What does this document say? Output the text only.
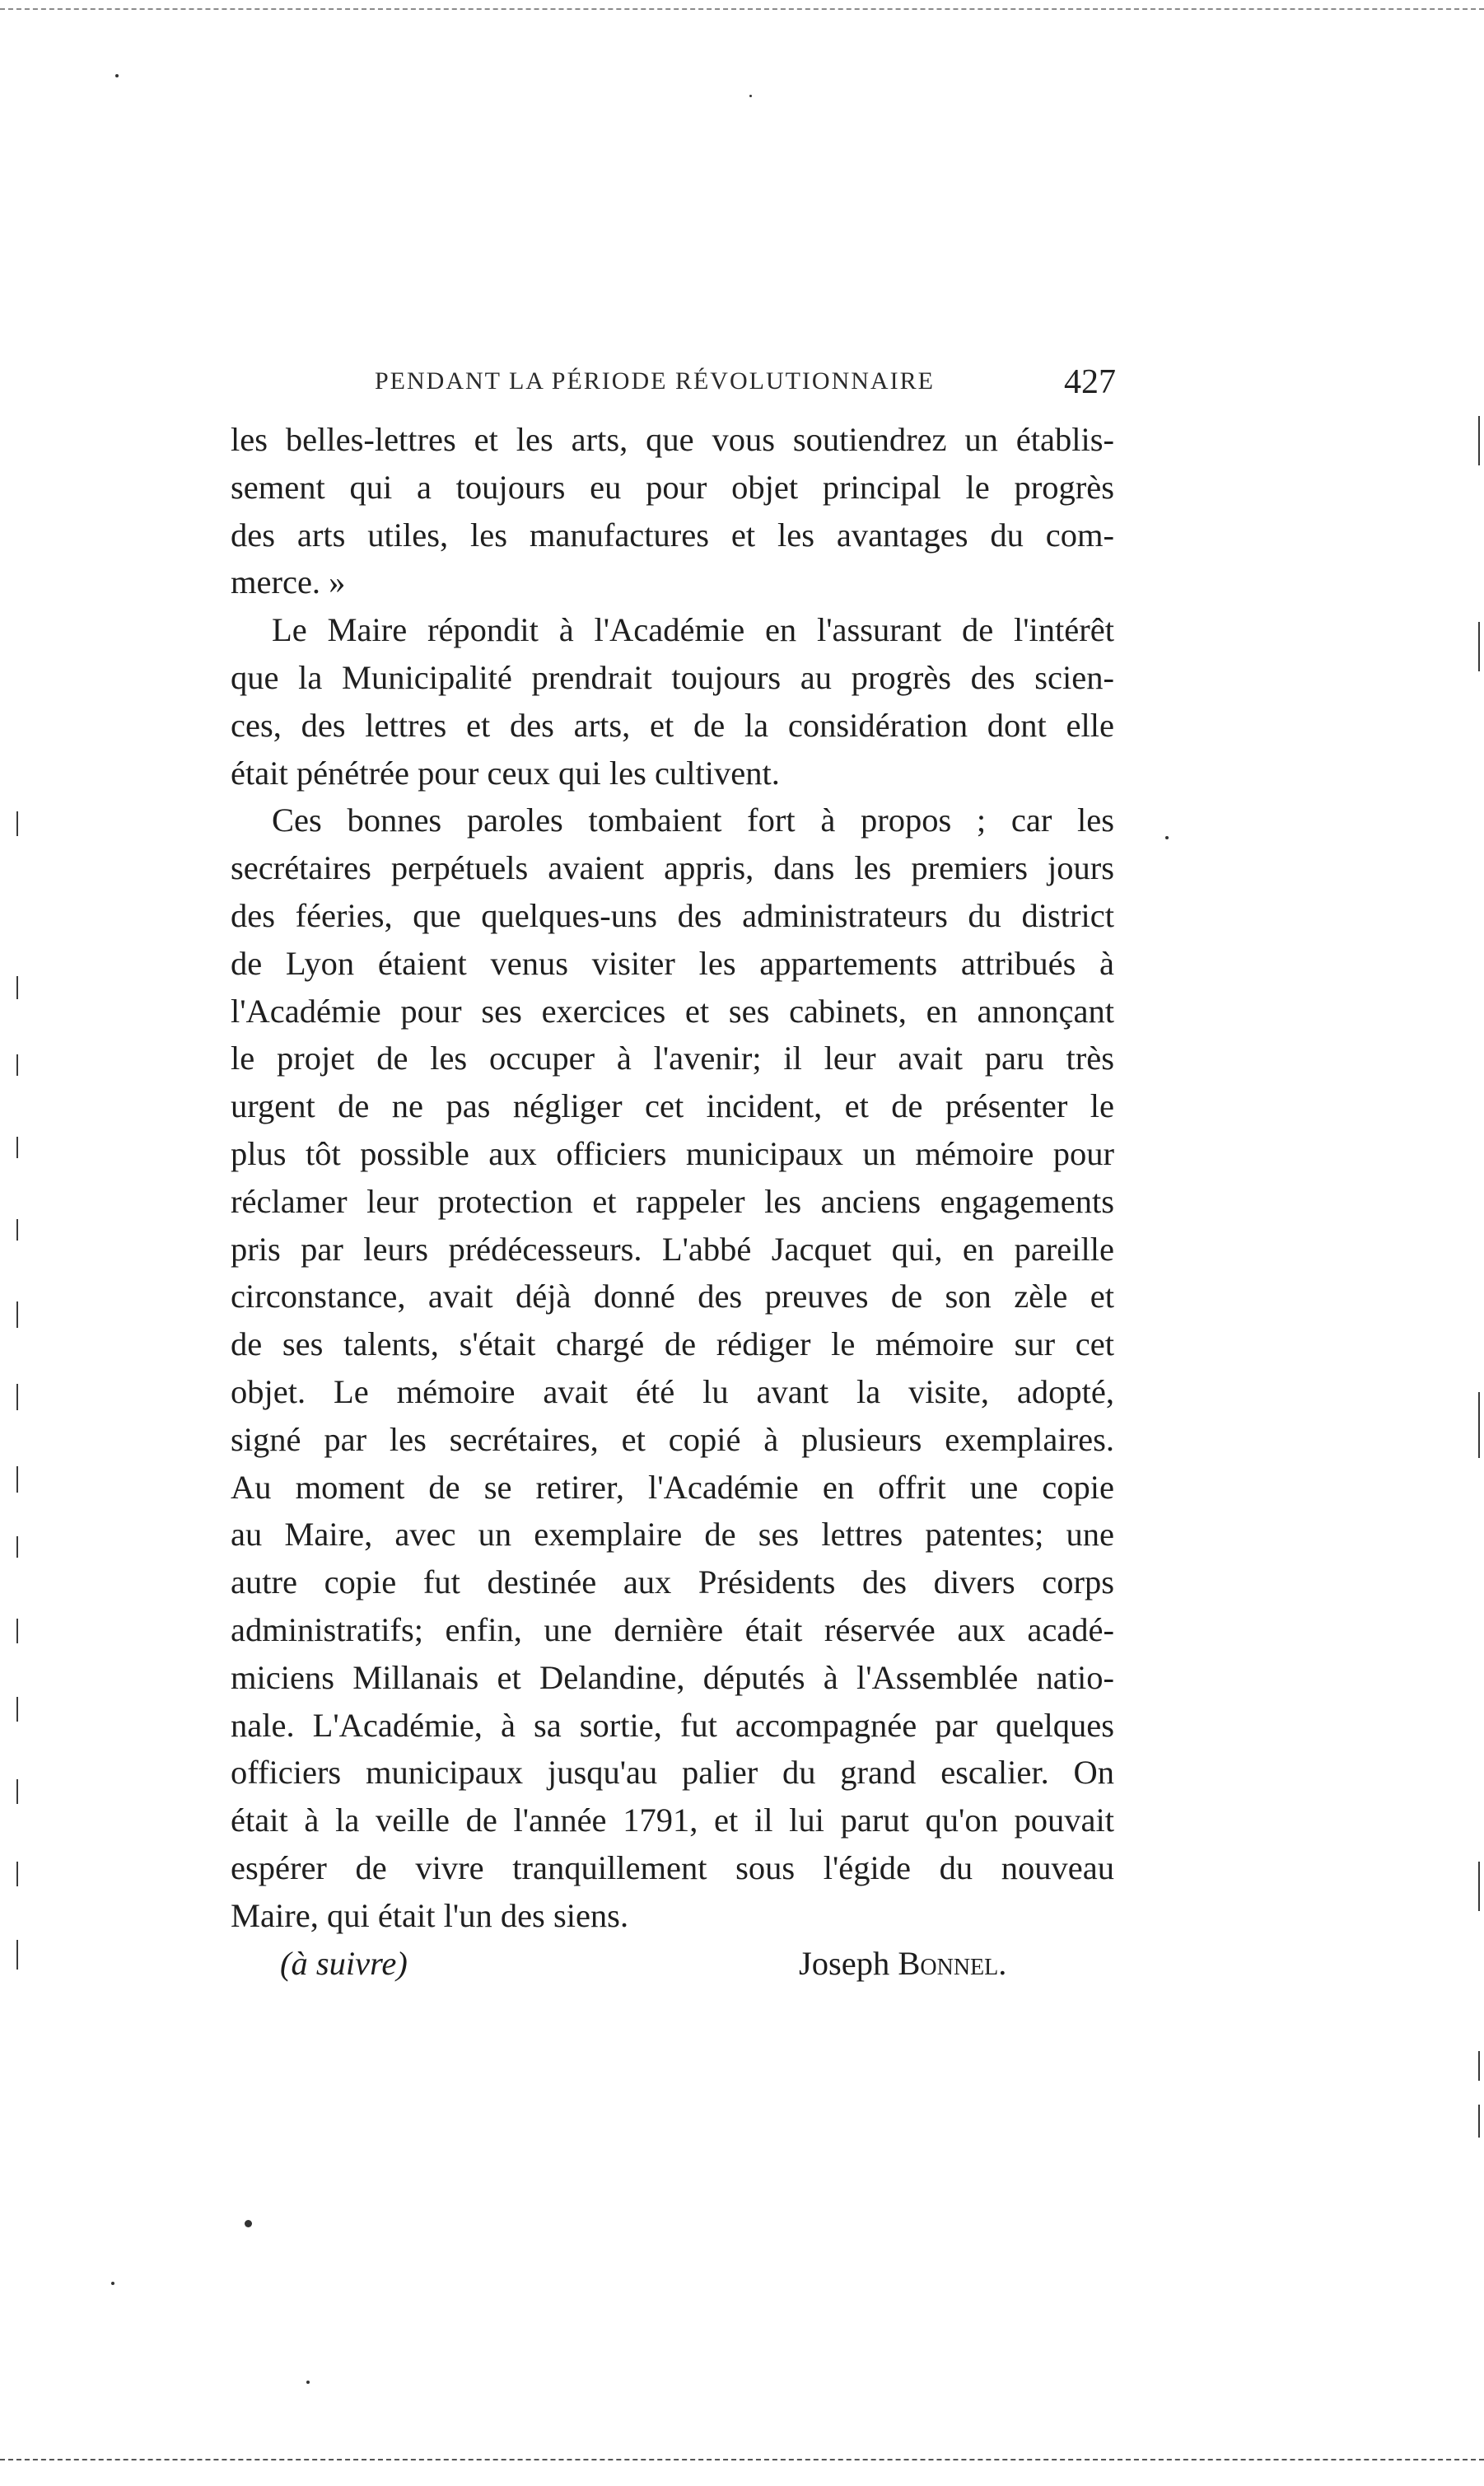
PENDANT LA PÉRIODE RÉVOLUTIONNAIRE	427
les belles-lettres et les arts, que vous soutiendrez un établis-
sement qui a toujours eu pour objet principal le progrès
des arts utiles, les manufactures et les avantages du com-
merce. »
Le Maire répondit à l'Académie en l'assurant de l'intérêt
que la Municipalité prendrait toujours au progrès des scien-
ces, des lettres et des arts, et de la considération dont elle
était pénétrée pour ceux qui les cultivent.
Ces bonnes paroles tombaient fort à propos ; car les
secrétaires perpétuels avaient appris, dans les premiers jours
des féeries, que quelques-uns des administrateurs du district
de Lyon étaient venus visiter les appartements attribués à
l'Académie pour ses exercices et ses cabinets, en annonçant
le projet de les occuper à l'avenir; il leur avait paru très
urgent de ne pas négliger cet incident, et de présenter le
plus tôt possible aux officiers municipaux un mémoire pour
réclamer leur protection et rappeler les anciens engagements
pris par leurs prédécesseurs. L'abbé Jacquet qui, en pareille
circonstance, avait déjà donné des preuves de son zèle et
de ses talents, s'était chargé de rédiger le mémoire sur cet
objet. Le mémoire avait été lu avant la visite, adopté,
signé par les secrétaires, et copié à plusieurs exemplaires.
Au moment de se retirer, l'Académie en offrit une copie
au Maire, avec un exemplaire de ses lettres patentes; une
autre copie fut destinée aux Présidents des divers corps
administratifs; enfin, une dernière était réservée aux acadé-
miciens Millanais et Delandine, députés à l'Assemblée natio-
nale. L'Académie, à sa sortie, fut accompagnée par quelques
officiers municipaux jusqu'au palier du grand escalier. On
était à la veille de l'année 1791, et il lui parut qu'on pouvait
espérer de vivre tranquillement sous l'égide du nouveau
Maire, qui était l'un des siens.
(à suivre)	Joseph Bonnel.
